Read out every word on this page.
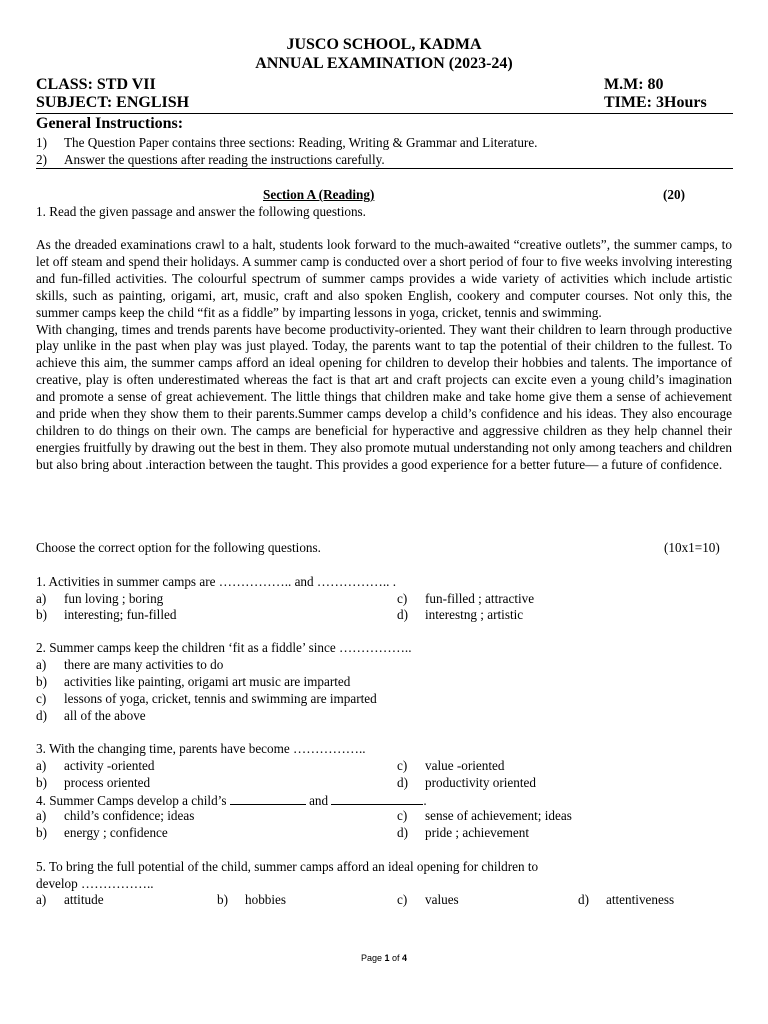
JUSCO SCHOOL, KADMA
ANNUAL EXAMINATION (2023-24)
CLASS: STD VII	M.M: 80
SUBJECT: ENGLISH	TIME: 3Hours
General Instructions:
1) The Question Paper contains three sections: Reading, Writing & Grammar and Literature.
2) Answer the questions after reading the instructions carefully.
Section A (Reading)	(20)
1. Read the given passage and answer the following questions.

As the dreaded examinations crawl to a halt, students look forward to the much-awaited “creative outlets”, the summer camps, to let off steam and spend their holidays. A summer camp is conducted over a short period of four to five weeks involving interesting and fun-filled activities. The colourful spectrum of summer camps provides a wide variety of activities which include artistic skills, such as painting, origami, art, music, craft and also spoken English, cookery and computer courses. Not only this, the summer camps keep the child “fit as a fiddle” by imparting lessons in yoga, cricket, tennis and swimming.

With changing, times and trends parents have become productivity-oriented. They want their children to learn through productive play unlike in the past when play was just played. Today, the parents want to tap the potential of their children to the fullest. To achieve this aim, the summer camps afford an ideal opening for children to develop their hobbies and talents. The importance of creative, play is often underestimated whereas the fact is that art and craft projects can excite even a young child’s imagination and promote a sense of great achievement. The little things that children make and take home give them a sense of achievement and pride when they show them to their parents.Summer camps develop a child’s confidence and his ideas. They also encourage children to do things on their own. The camps are beneficial for hyperactive and aggressive children as they help channel their energies fruitfully by drawing out the best in them. They also promote mutual understanding not only among teachers and children but also bring about .interaction between the taught. This provides a good experience for a better future— a future of confidence.

Choose the correct option for the following questions.	(10x1=10)
1. Activities in summer camps are …………….. and …………….. .
a) fun loving ; boring	c) fun-filled ; attractive
b) interesting; fun-filled	d) interestng ; artistic
2. Summer camps keep the children ‘fit as a fiddle’ since ……………..
a) there are many activities to do
b) activities like painting, origami art music are imparted
c) lessons of yoga, cricket, tennis and swimming are imparted
d) all of the above
3. With the changing time, parents have become ……………..
a) activity -oriented	c) value -oriented
b) process oriented	d) productivity oriented
4. Summer Camps develop a child’s	and	.
a) child’s confidence; ideas	c) sense of achievement; ideas
b) energy ; confidence	d) pride ; achievement
5. To bring the full potential of the child, summer camps afford an ideal opening for children to
develop ……………..
a) attitude	b) hobbies	c) values	d) attentiveness
Page 1 of 4
